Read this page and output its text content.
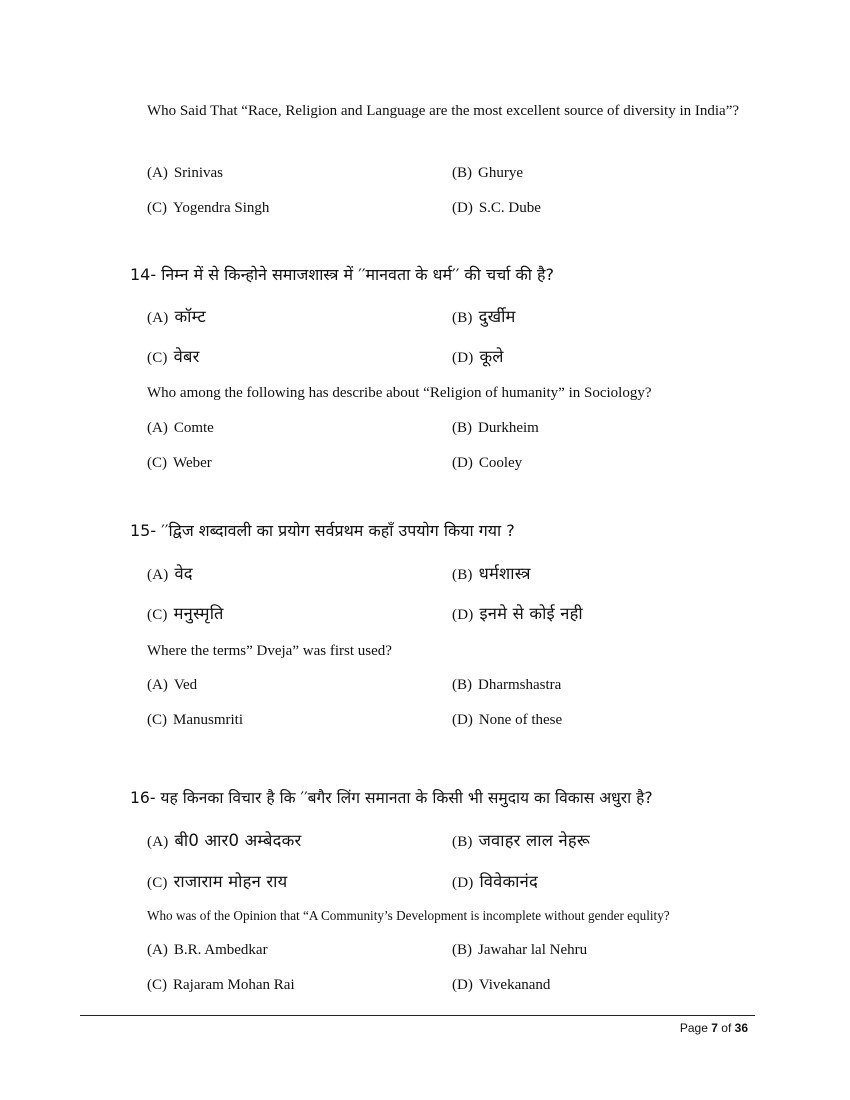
Who Said That “Race, Religion and Language are the most excellent source of diversity in India”?
(A) Srinivas	(B) Ghurye
(C) Yogendra Singh	(D) S.C. Dube
14- निम्न में से किन्होने समाजशास्त्र में ′′मानवता के धर्म′′ की चर्चा की है?
(A) कॉम्ट	(B) दुर्खीम
(C) वेबर	(D) कूले
Who among the following has describe about “Religion of humanity” in Sociology?
(A) Comte	(B) Durkheim
(C) Weber	(D) Cooley
15- ′′द्विज शब्दावली का प्रयोग सर्वप्रथम कहाँ उपयोग किया गया ?
(A) वेद	(B) धर्मशास्त्र
(C) मनुस्मृति	(D) इनमे से कोई नही
Where the terms” Dveja” was first used?
(A) Ved	(B) Dharmshastra
(C) Manusmriti	(D) None of these
16- यह किनका विचार है कि ′′बगैर लिंग समानता के किसी भी समुदाय का विकास अधुरा है?
(A) बी0 आर0 अम्बेदकर	(B) जवाहर लाल नेहरू
(C) राजाराम मोहन राय	(D) विवेकानंद
Who was of the Opinion that “A Community’s Development is incomplete without gender equlity?
(A) B.R. Ambedkar	(B) Jawahar lal Nehru
(C) Rajaram Mohan Rai	(D) Vivekanand
Page 7 of 36
